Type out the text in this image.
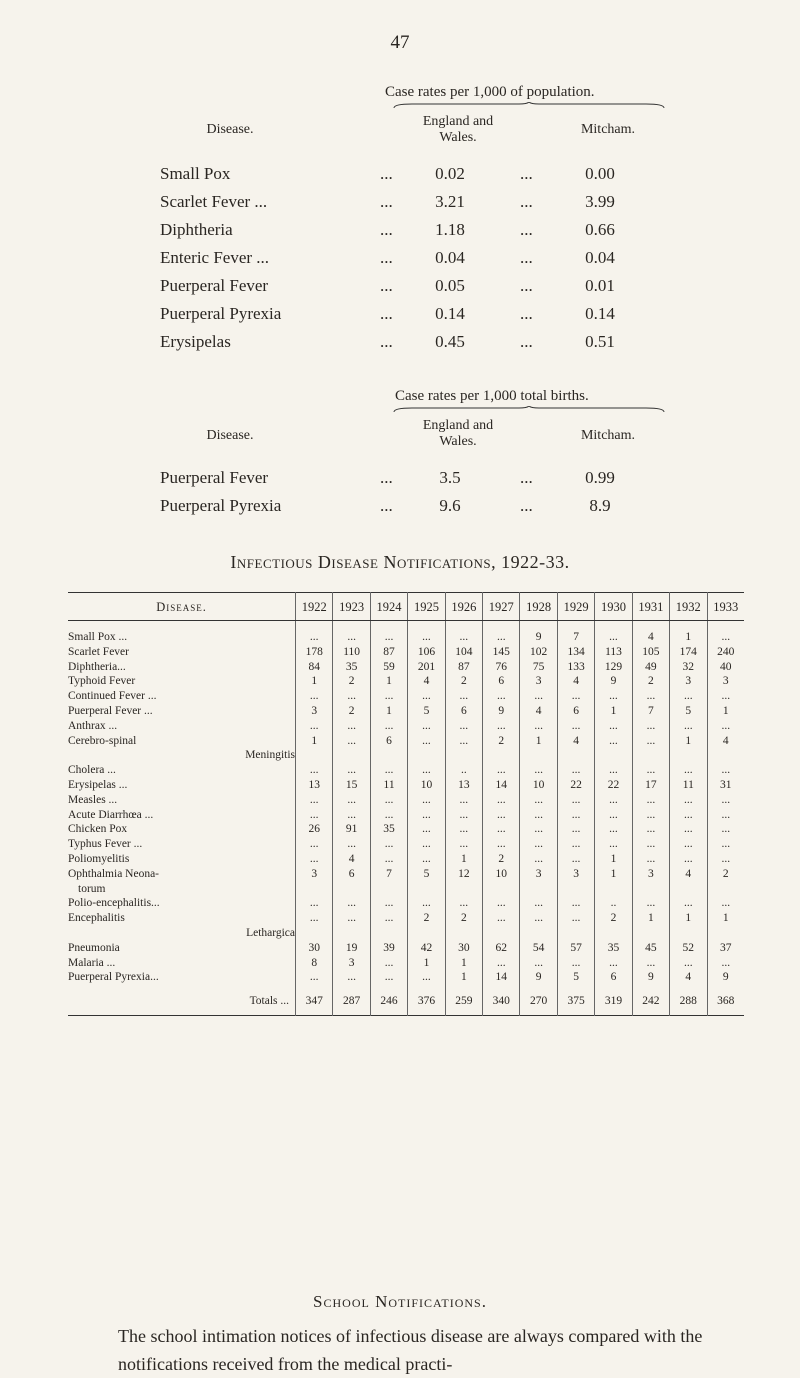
47
Case rates per 1,000 of population.
Disease.
England and Wales.
Mitcham.
Small Pox	...	0.02	...	0.00
Scarlet Fever ...	...	3.21	...	3.99
Diphtheria	...	1.18	...	0.66
Enteric Fever ...	...	0.04	...	0.04
Puerperal Fever	...	0.05	...	0.01
Puerperal Pyrexia	...	0.14	...	0.14
Erysipelas	...	0.45	...	0.51
Case rates per 1,000 total births.
Disease.
England and Wales.	Mitcham.
Puerperal Fever	...	3.5	...	0.99
Puerperal Pyrexia	...	9.6	...	8.9
Infectious Disease Notifications, 1922-33.
Disease.	1922	1923	1924	1925	1926	1927	1928	1929	1930	1931	1932	1933

Small Pox ...	...	...	...	...	...	...	9	7	...	4	1	...

Scarlet Fever	178	110	87	106	104	145	102	134	113	105	174	240

Diphtheria...	84	35	59	201	87	76	75	133	129	49	32	40

Typhoid Fever	1	2	1	4	2	6	3	4	9	2	3	3

Continued Fever ...	...	...	...	...	...	...	...	...	...	...	...	...

Puerperal Fever ...	3	2	1	5	6	9	4	6	1	7	5	1

Anthrax ...	...	...	...	...	...	...	...	...	...	...	...	...

Cerebro-spinal
Meningitis	1	...	6	...	...	2	1	4	...	...	1	4

Cholera ...	...	...	...	...	..	...	...	...	...	...	...	...

Erysipelas ...	13	15	11	10	13	14	10	22	22	17	11	31

Measles ...	...	...	...	...	...	...	...	...	...	...	...	...

Acute Diarrhœa ...	...	...	...	...	...	...	...	...	...	...	...	...

Chicken Pox	26	91	35	...	...	...	...	...	...	...	...	...

Typhus Fever ...	...	...	...	...	...	...	...	...	...	...	...	...

Poliomyelitis	...	4	...	...	1	2	...	...	1	...	...	...

Ophthalmia Neona-
torum	3	6	7	5	12	10	3	3	1	3	4	2

Polio-encephalitis...	...	...	...	...	...	...	...	...	..	...	...	...

Encephalitis
Lethargica	...	...	...	2	2	...	...	...	2	1	1	1

Pneumonia	30	19	39	42	30	62	54	57	35	45	52	37

Malaria ...	8	3	...	1	1	...	...	...	...	...	...	...

Puerperal Pyrexia...	...	...	...	...	1	14	9	5	6	9	4	9
Totals ...	347	287	246	376	259	340	270	375	319	242	288	368
School Notifications.
The school intimation notices of infectious disease are always compared with the notifications received from the medical practi-
